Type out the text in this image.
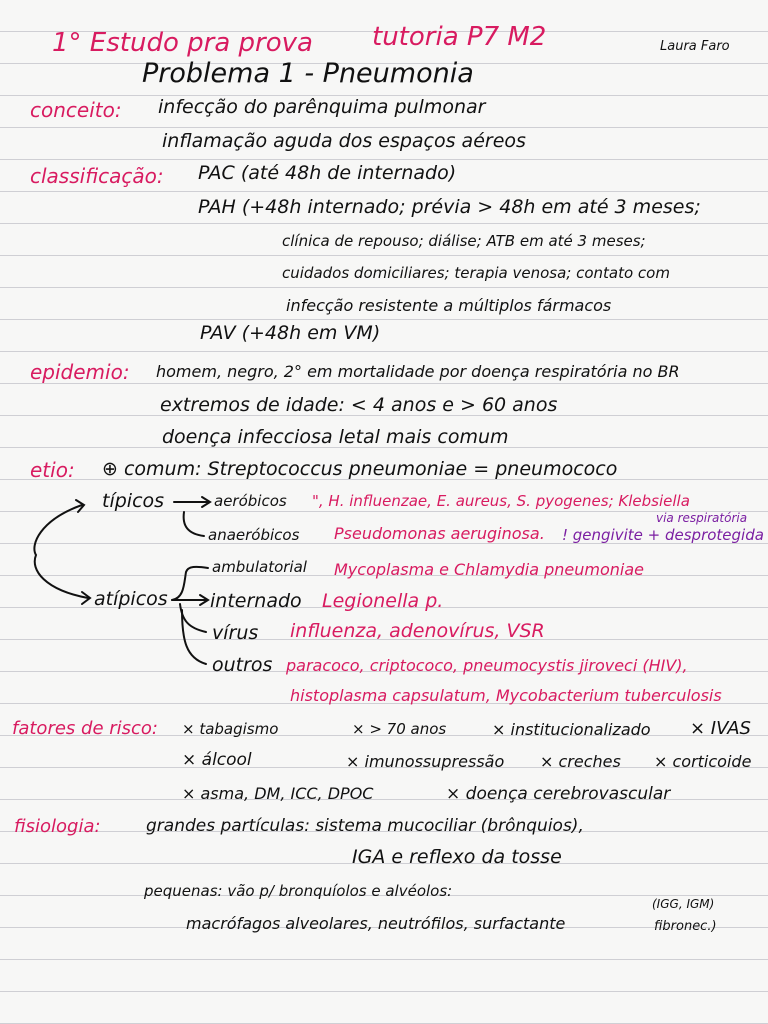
1° Estudo pra prova tutoria P7 M2	Laura Faro
Problema 1 - Pneumonia
conceito: infecção do parênquima pulmonar
inflamação aguda dos espaços aéreos
classificação: PAC (até 48h de internado)
PAH (+48h internado; prévia > 48h em até 3 meses;
clínica de repouso; diálise; ATB em até 3 meses;
cuidados domiciliares; terapia venosa; contato com
infecção resistente a múltiplos fármacos
PAV (+48h em VM)
epidemio: homem, negro, 2° em mortalidade por doença respiratória no BR
extremos de idade: < 4 anos e > 60 anos
doença infecciosa letal mais comum
etio: ⊕ comum: Streptococcus pneumoniae = pneumococo
típicos	aeróbicos ", H. influenzae, E. aureus, S. pyogenes; Klebsiella
via respiratória
anaeróbicos Pseudomonas aeruginosa. ! gengivite + desprotegida
ambulatorial Mycoplasma e Chlamydia pneumoniae
atípicos internado Legionella p.
vírus influenza, adenovírus, VSR
outros paracoco, criptococo, pneumocystis jiroveci (HIV),
histoplasma capsulatum, Mycobacterium tuberculosis
fatores de risco: × tabagismo	× > 70 anos	× institucionalizado × IVAS
× álcool	× imunossupressão × creches × corticoide
× asma, DM, ICC, DPOC	× doença cerebrovascular
fisiologia:	grandes partículas: sistema mucociliar (brônquios),
IGA e reflexo da tosse
pequenas: vão p/ bronquíolos e alvéolos:
macrófagos alveolares, neutrófilos, surfactante
(IGG, IGM)
fibronec.)
